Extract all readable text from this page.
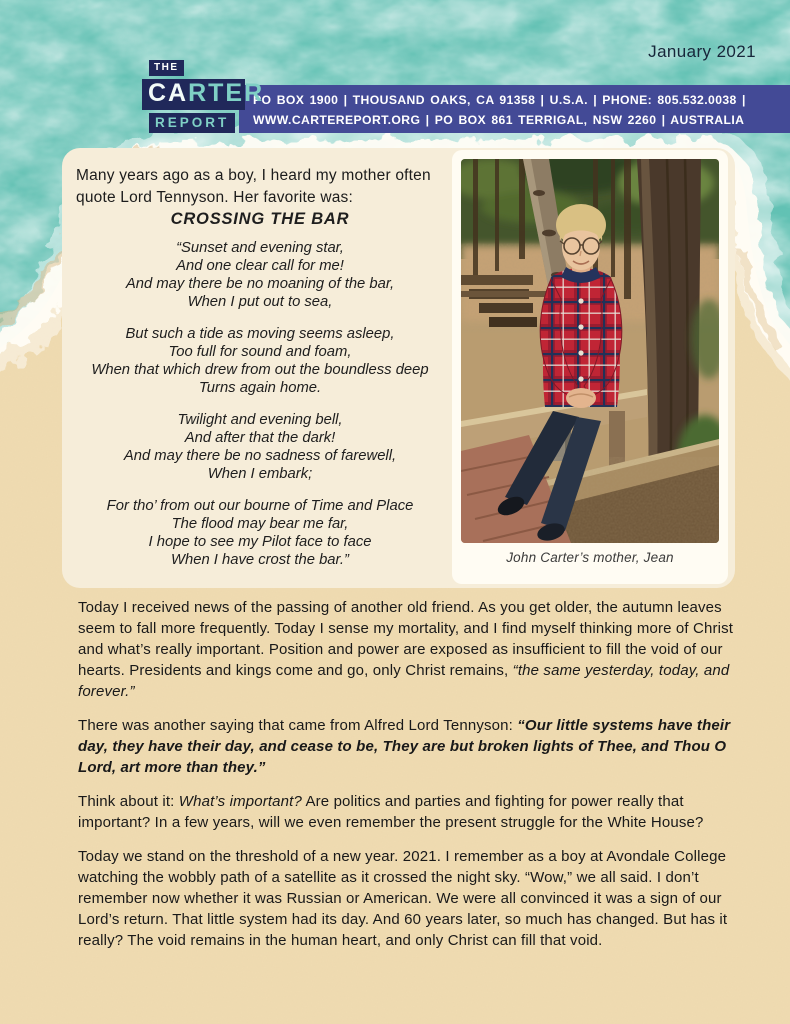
January 2021
PO BOX 1900 | THOUSAND OAKS, CA 91358 | U.S.A. | PHONE: 805.532.0038 |
WWW.CARTEREPORT.ORG | PO BOX 861 TERRIGAL, NSW 2260 | AUSTRALIA
THE
CARTER
REPORT
Many years ago as a boy, I heard my mother often quote Lord Tennyson. Her favorite was:
CROSSING THE BAR
“Sunset and evening star,
And one clear call for me!
And may there be no moaning of the bar,
When I put out to sea,
But such a tide as moving seems asleep,
Too full for sound and foam,
When that which drew from out the boundless deep
Turns again home.
Twilight and evening bell,
And after that the dark!
And may there be no sadness of farewell,
When I embark;
For tho’ from out our bourne of Time and Place
The flood may bear me far,
I hope to see my Pilot face to face
When I have crost the bar.”	John Carter’s mother, Jean

Today I received news of the passing of another old friend. As you get older, the autumn leaves seem to fall more frequently. Today I sense my mortality, and I find myself thinking more of Christ and what’s really important. Position and power are exposed as insufficient to fill the void of our hearts. Presidents and kings come and go, only Christ remains, “the same yesterday, today, and forever.”

There was another saying that came from Alfred Lord Tennyson: “Our little systems have their day, they have their day, and cease to be, They are but broken lights of Thee, and Thou O Lord, art more than they.”

Think about it: What’s important? Are politics and parties and fighting for power really that important? In a few years, will we even remember the present struggle for the White House?

Today we stand on the threshold of a new year. 2021. I remember as a boy at Avondale College watching the wobbly path of a satellite as it crossed the night sky. “Wow,” we all said. I don’t remember now whether it was Russian or American. We were all convinced it was a sign of our Lord’s return. That little system had its day. And 60 years later, so much has changed. But has it really? The void remains in the human heart, and only Christ can fill that void.
